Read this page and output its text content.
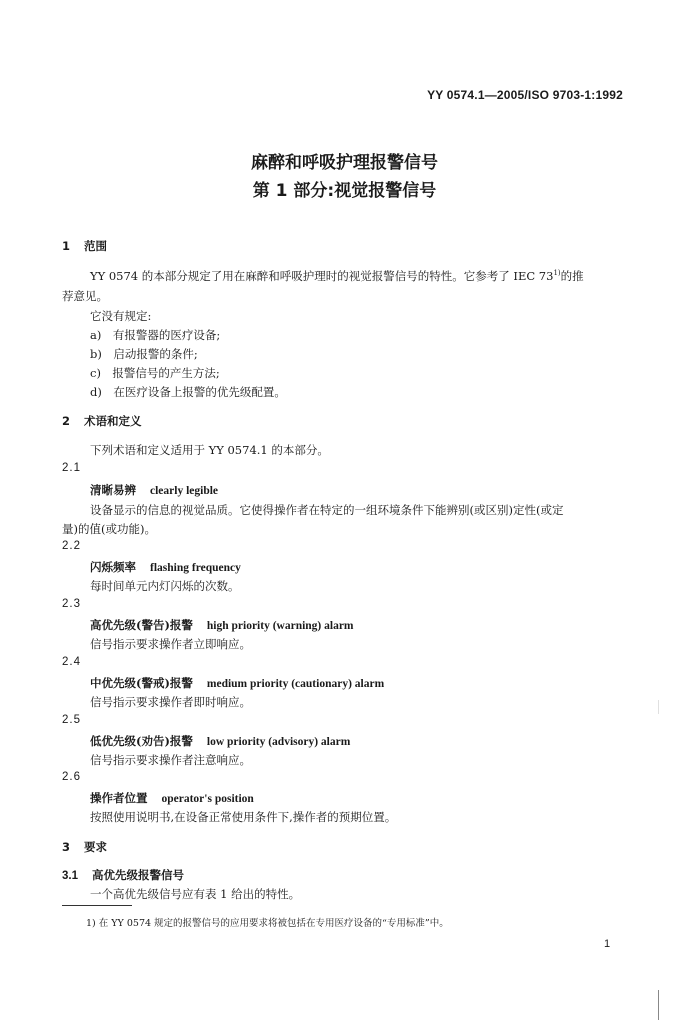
YY 0574.1—2005/ISO 9703-1:1992
麻醉和呼吸护理报警信号
第 1 部分:视觉报警信号
1 范围
YY 0574 的本部分规定了用在麻醉和呼吸护理时的视觉报警信号的特性。它参考了 IEC 73$^{1)}$的推
荐意见。
它没有规定:
a)　有报警器的医疗设备;
b)　启动报警的条件;
c)　报警信号的产生方法;
d)　在医疗设备上报警的优先级配置。
2 术语和定义
下列术语和定义适用于 YY 0574.1 的本部分。
2.1
清晰易辨 clearly legible
设备显示的信息的视觉品质。它使得操作者在特定的一组环境条件下能辨别(或区别)定性(或定
量)的值(或功能)。
2.2
闪烁频率 flashing frequency
每时间单元内灯闪烁的次数。
2.3
高优先级(警告)报警 high priority (warning) alarm
信号指示要求操作者立即响应。
2.4
中优先级(警戒)报警 medium priority (cautionary) alarm
信号指示要求操作者即时响应。
2.5
低优先级(劝告)报警 low priority (advisory) alarm
信号指示要求操作者注意响应。
2.6
操作者位置 operator's position
按照使用说明书,在设备正常使用条件下,操作者的预期位置。
3 要求
3.1 高优先级报警信号
一个高优先级信号应有表 1 给出的特性。
1) 在 YY 0574 规定的报警信号的应用要求将被包括在专用医疗设备的“专用标准”中。
1
